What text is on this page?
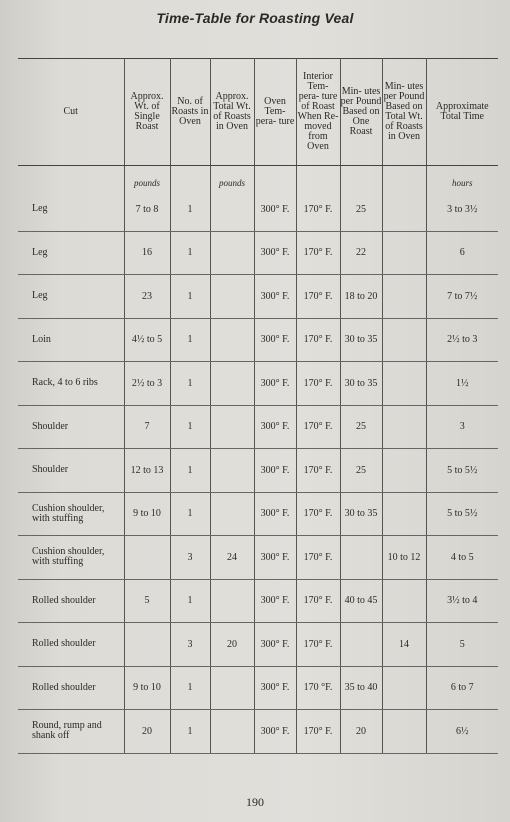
Time-Table for Roasting Veal
Cut	Approx. Wt. of Single Roast	No. of Roasts in Oven	Approx. Total Wt. of Roasts in Oven	Oven Tem- pera- ture	Interior Tem- pera- ture of Roast When Re- moved from Oven	Min- utes per Pound Based on One Roast	Min- utes per Pound Based on Total Wt. of Roasts in Oven	Approximate Total Time
	pounds		pounds					hours
Leg	7 to 8	1		300° F.	170° F.	25		3 to 3½
Leg	16	1		300° F.	170° F.	22		6
Leg	23	1		300° F.	170° F.	18 to 20		7 to 7½
Loin	4½ to 5	1		300° F.	170° F.	30 to 35		2½ to 3
Rack, 4 to 6 ribs	2½ to 3	1		300° F.	170° F.	30 to 35		1½
Shoulder	7	1		300° F.	170° F.	25		3
Shoulder	12 to 13	1		300° F.	170° F.	25		5 to 5½
Cushion shoulder, with stuffing	9 to 10	1		300° F.	170° F.	30 to 35		5 to 5½
Cushion shoulder, with stuffing		3	24	300° F.	170° F.		10 to 12	4 to 5
Rolled shoulder	5	1		300° F.	170° F.	40 to 45		3½ to 4
Rolled shoulder		3	20	300° F.	170° F.		14	5
Rolled shoulder	9 to 10	1		300° F.	170 °F.	35 to 40		6 to 7
Round, rump and shank off	20	1		300° F.	170° F.	20		6½
190
